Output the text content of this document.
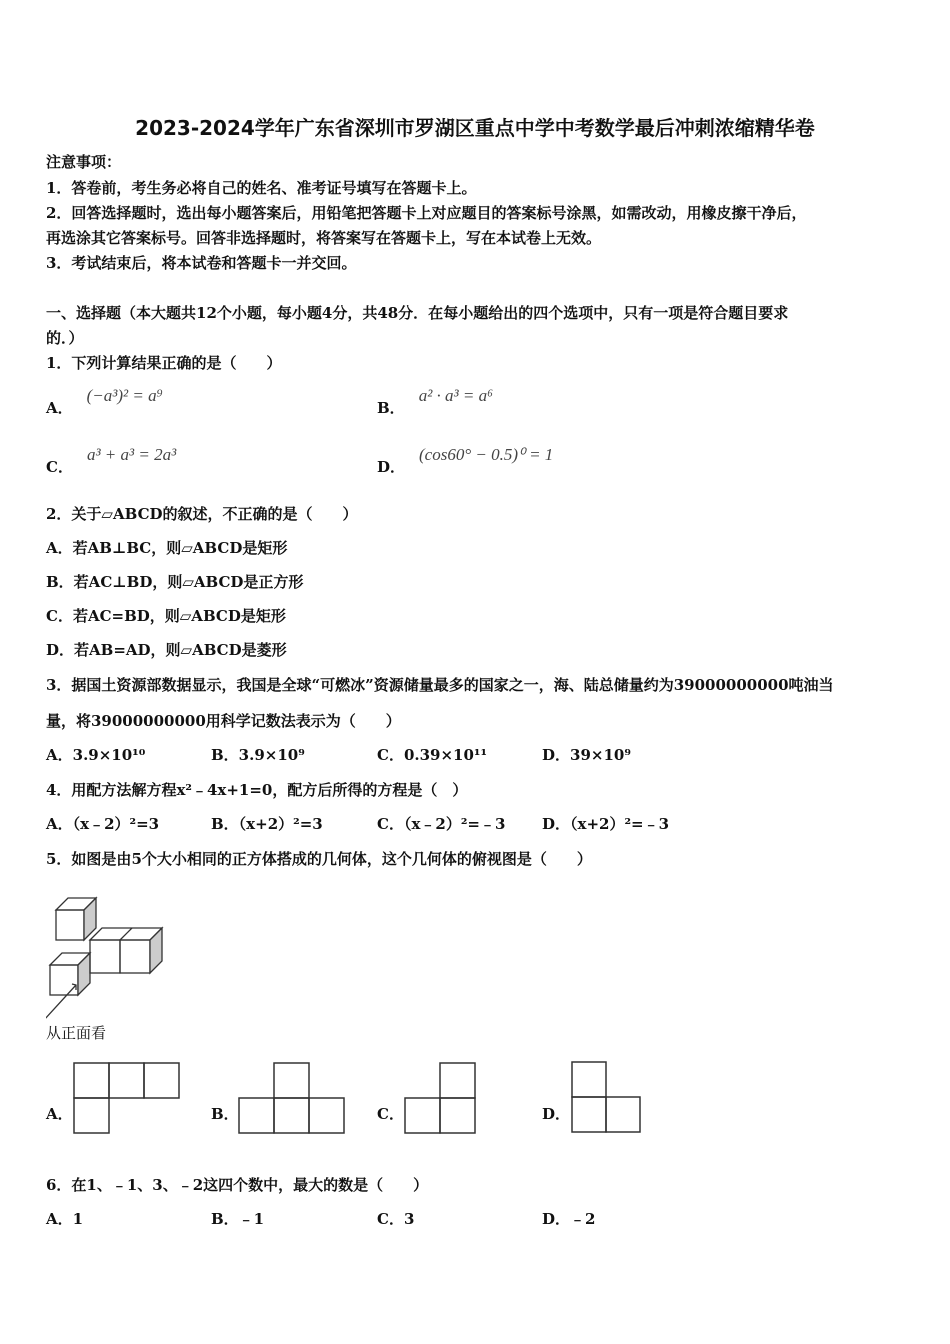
2023-2024学年广东省深圳市罗湖区重点中学中考数学最后冲刺浓缩精华卷
注意事项：
1．答卷前，考生务必将自己的姓名、准考证号填写在答题卡上。
2．回答选择题时，选出每小题答案后，用铅笔把答题卡上对应题目的答案标号涂黑，如需改动，用橡皮擦干净后，
再选涂其它答案标号。回答非选择题时，将答案写在答题卡上，写在本试卷上无效。
3．考试结束后，将本试卷和答题卡一并交回。
一、选择题（本大题共12个小题，每小题4分，共48分．在每小题给出的四个选项中，只有一项是符合题目要求
的．）
1．下列计算结果正确的是（　　）
A．(−a³)² = a⁹
B．a² · a³ = a⁶
C．a³ + a³ = 2a³
D．(cos60° − 0.5)⁰ = 1
2．关于▱ABCD的叙述，不正确的是（　　）
A．若AB⊥BC，则▱ABCD是矩形
B．若AC⊥BD，则▱ABCD是正方形
C．若AC=BD，则▱ABCD是矩形
D．若AB=AD，则▱ABCD是菱形
3．据国土资源部数据显示，我国是全球“可燃冰”资源储量最多的国家之一，海、陆总储量约为39000000000吨油当
量，将39000000000用科学记数法表示为（　　）
A．3.9×10¹⁰	B．3.9×10⁹	C．0.39×10¹¹	D．39×10⁹
4．用配方法解方程x²﹣4x+1=0，配方后所得的方程是（　）
A．（x﹣2）²=3	B．（x+2）²=3	C．（x﹣2）²=﹣3 D．（x+2）²=﹣3
5．如图是由5个大小相同的正方体搭成的几何体，这个几何体的俯视图是（　　）
从正面看
A．	B．	C．	D．
6．在1、﹣1、3、﹣2这四个数中，最大的数是（　　）
A．1	B．﹣1	C．3	D．﹣2
